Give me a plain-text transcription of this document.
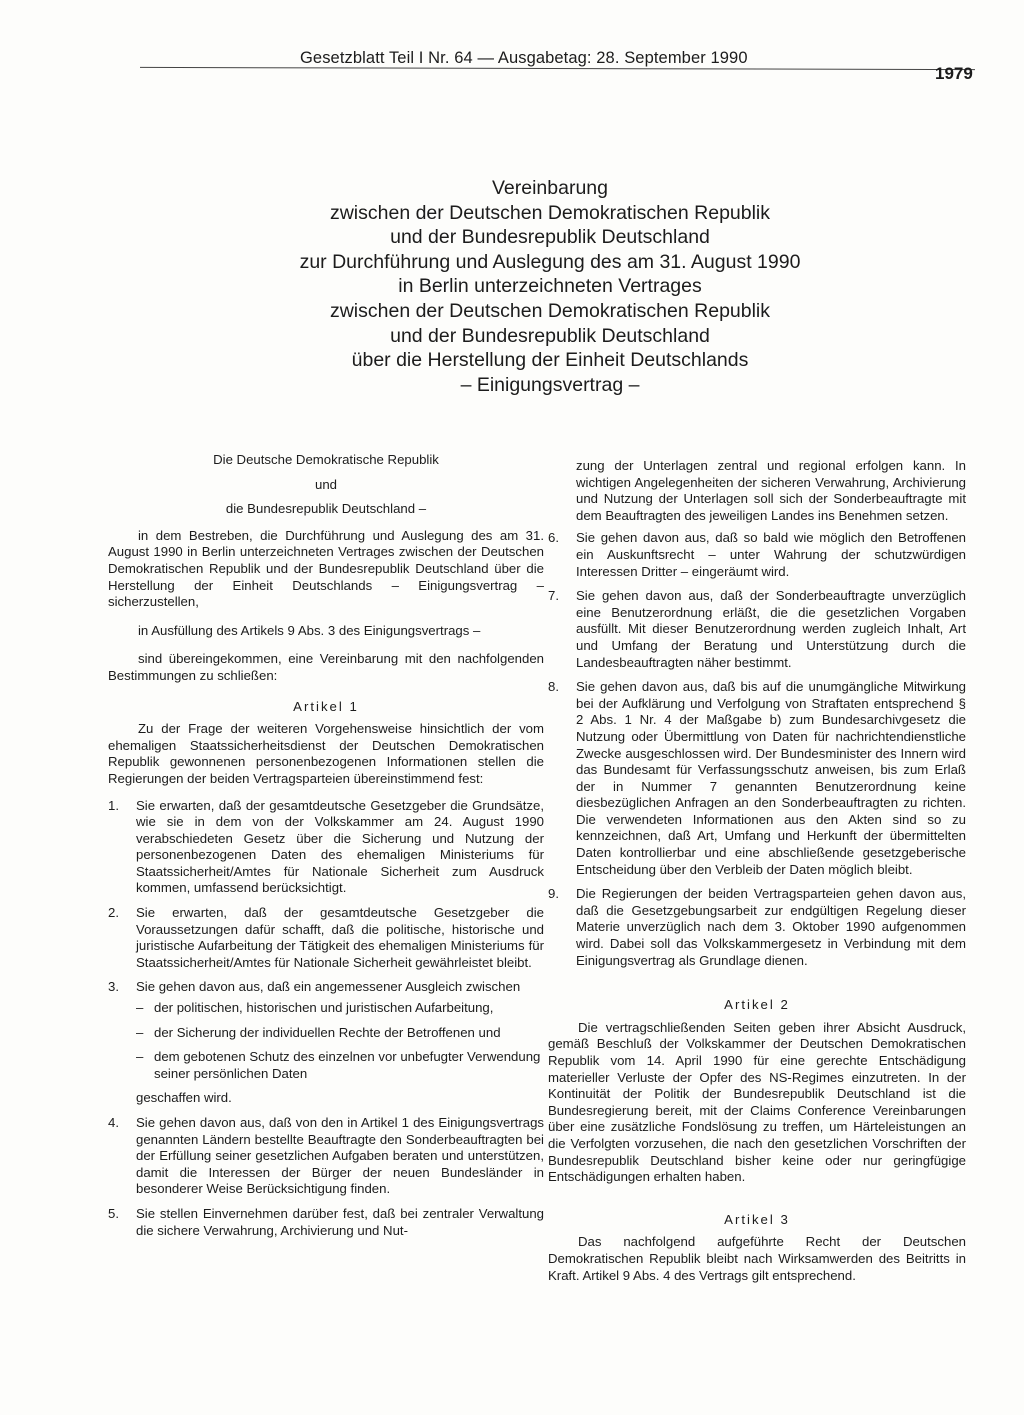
Gesetzblatt Teil I Nr. 64 — Ausgabetag: 28. September 1990
1979
Vereinbarung
zwischen der Deutschen Demokratischen Republik
und der Bundesrepublik Deutschland
zur Durchführung und Auslegung des am 31. August 1990
in Berlin unterzeichneten Vertrages
zwischen der Deutschen Demokratischen Republik
und der Bundesrepublik Deutschland
über die Herstellung der Einheit Deutschlands
– Einigungsvertrag –

Die Deutsche Demokratische Republik

und

die Bundesrepublik Deutschland –

in dem Bestreben, die Durchführung und Auslegung des am 31. August 1990 in Berlin unterzeichneten Vertrages zwischen der Deutschen Demokratischen Republik und der Bundesrepublik Deutschland über die Herstellung der Einheit Deutschlands – Einigungsvertrag – sicherzustellen,

in Ausfüllung des Artikels 9 Abs. 3 des Einigungsvertrags –

sind übereingekommen, eine Vereinbarung mit den nachfolgenden Bestimmungen zu schließen:

Artikel 1

Zu der Frage der weiteren Vorgehensweise hinsichtlich der vom ehemaligen Staatssicherheitsdienst der Deutschen Demokratischen Republik gewonnenen personenbezogenen Informationen stellen die Regierungen der beiden Vertragsparteien übereinstimmend fest:

1.	Sie erwarten, daß der gesamtdeutsche Gesetzgeber die Grundsätze, wie sie in dem von der Volkskammer am 24. August 1990 verabschiedeten Gesetz über die Sicherung und Nutzung der personenbezogenen Daten des ehemaligen Ministeriums für Staatssicherheit/Amtes für Nationale Sicherheit zum Ausdruck kommen, umfassend berücksichtigt.
2.	Sie erwarten, daß der gesamtdeutsche Gesetzgeber die Voraussetzungen dafür schafft, daß die politische, historische und juristische Aufarbeitung der Tätigkeit des ehemaligen Ministeriums für Staatssicherheit/Amtes für Nationale Sicherheit gewährleistet bleibt.
3.	Sie gehen davon aus, daß ein angemessener Ausgleich zwischen
– der politischen, historischen und juristischen Aufarbeitung,
– der Sicherung der individuellen Rechte der Betroffenen und
– dem gebotenen Schutz des einzelnen vor unbefugter Verwendung seiner persönlichen Daten
geschaffen wird.
4.	Sie gehen davon aus, daß von den in Artikel 1 des Einigungsvertrags genannten Ländern bestellte Beauftragte den Sonderbeauftragten bei der Erfüllung seiner gesetzlichen Aufgaben beraten und unterstützen, damit die Interessen der Bürger der neuen Bundesländer in besonderer Weise Berücksichtigung finden.
5.	Sie stellen Einvernehmen darüber fest, daß bei zentraler Verwaltung die sichere Verwahrung, Archivierung und Nut-

zung der Unterlagen zentral und regional erfolgen kann. In wichtigen Angelegenheiten der sicheren Verwahrung, Archivierung und Nutzung der Unterlagen soll sich der Sonderbeauftragte mit dem Beauftragten des jeweiligen Landes ins Benehmen setzen.

6.	Sie gehen davon aus, daß so bald wie möglich den Betroffenen ein Auskunftsrecht – unter Wahrung der schutzwürdigen Interessen Dritter – eingeräumt wird.
7.	Sie gehen davon aus, daß der Sonderbeauftragte unverzüglich eine Benutzerordnung erläßt, die die gesetzlichen Vorgaben ausfüllt. Mit dieser Benutzerordnung werden zugleich Inhalt, Art und Umfang der Beratung und Unterstützung durch die Landesbeauftragten näher bestimmt.
8.	Sie gehen davon aus, daß bis auf die unumgängliche Mitwirkung bei der Aufklärung und Verfolgung von Straftaten entsprechend § 2 Abs. 1 Nr. 4 der Maßgabe b) zum Bundesarchivgesetz die Nutzung oder Übermittlung von Daten für nachrichtendienstliche Zwecke ausgeschlossen wird. Der Bundesminister des Innern wird das Bundesamt für Verfassungsschutz anweisen, bis zum Erlaß der in Nummer 7 genannten Benutzerordnung keine diesbezüglichen Anfragen an den Sonderbeauftragten zu richten. Die verwendeten Informationen aus den Akten sind so zu kennzeichnen, daß Art, Umfang und Herkunft der übermittelten Daten kontrollierbar und eine abschließende gesetzgeberische Entscheidung über den Verbleib der Daten möglich bleibt.
9.	Die Regierungen der beiden Vertragsparteien gehen davon aus, daß die Gesetzgebungsarbeit zur endgültigen Regelung dieser Materie unverzüglich nach dem 3. Oktober 1990 aufgenommen wird. Dabei soll das Volkskammergesetz in Verbindung mit dem Einigungsvertrag als Grundlage dienen.
Artikel 2

Die vertragschließenden Seiten geben ihrer Absicht Ausdruck, gemäß Beschluß der Volkskammer der Deutschen Demokratischen Republik vom 14. April 1990 für eine gerechte Entschädigung materieller Verluste der Opfer des NS-Regimes einzutreten. In der Kontinuität der Politik der Bundesrepublik Deutschland ist die Bundesregierung bereit, mit der Claims Conference Vereinbarungen über eine zusätzliche Fondslösung zu treffen, um Härteleistungen an die Verfolgten vorzusehen, die nach den gesetzlichen Vorschriften der Bundesrepublik Deutschland bisher keine oder nur geringfügige Entschädigungen erhalten haben.

Artikel 3

Das nachfolgend aufgeführte Recht der Deutschen Demokratischen Republik bleibt nach Wirksamwerden des Beitritts in Kraft. Artikel 9 Abs. 4 des Vertrags gilt entsprechend.
